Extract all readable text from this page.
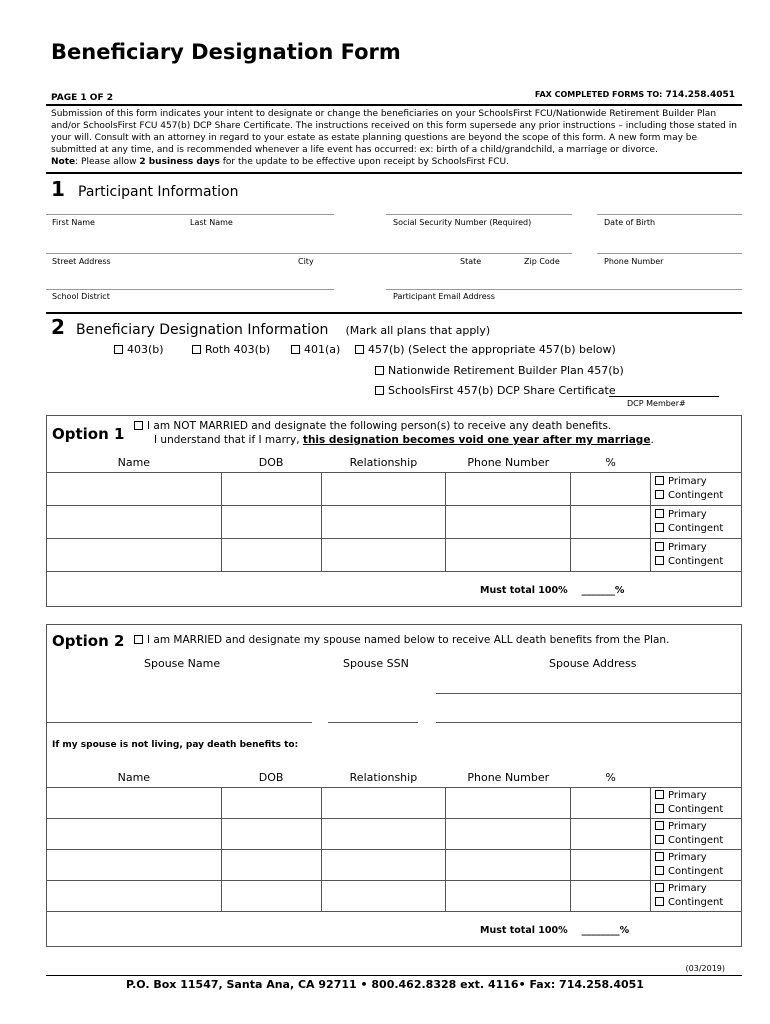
Beneficiary Designation Form
PAGE 1 OF 2	FAX COMPLETED FORMS TO: 714.258.4051
Submission of this form indicates your intent to designate or change the beneficiaries on your SchoolsFirst FCU/Nationwide Retirement Builder Plan and/or SchoolsFirst FCU 457(b) DCP Share Certificate. The instructions received on this form supersede any prior instructions – including those stated in your will. Consult with an attorney in regard to your estate as estate planning questions are beyond the scope of this form. A new form may be submitted at any time, and is recommended whenever a life event has occurred: ex: birth of a child/grandchild, a marriage or divorce.
Note: Please allow 2 business days for the update to be effective upon receipt by SchoolsFirst FCU.
1 Participant Information
First Name	Last Name	Social Security Number (Required)	Date of Birth
Street Address	City	State	Zip Code	Phone Number
School District	Participant Email Address
2 Beneficiary Designation Information (Mark all plans that apply)
403(b)	Roth 403(b)	401(a)	457(b) (Select the appropriate 457(b) below)
Nationwide Retirement Builder Plan 457(b)
SchoolsFirst 457(b) DCP Share Certificate
DCP Member#
Option 1	I am NOT MARRIED and designate the following person(s) to receive any death benefits.
I understand that if I marry, this designation becomes void one year after my marriage.
Name	DOB	Relationship	Phone Number	%	

					Primary
Contingent

					Primary
Contingent

					Primary
Contingent
Must total 100% _______%
Option 2	I am MARRIED and designate my spouse named below to receive ALL death benefits from the Plan.
Spouse Name	Spouse SSN	Spouse Address
If my spouse is not living, pay death benefits to:
Name	DOB	Relationship	Phone Number	%	

					Primary
Contingent

					Primary
Contingent

					Primary
Contingent

					Primary
Contingent
Must total 100% ________%
(03/2019)
P.O. Box 11547, Santa Ana, CA 92711 • 800.462.8328 ext. 4116• Fax: 714.258.4051
